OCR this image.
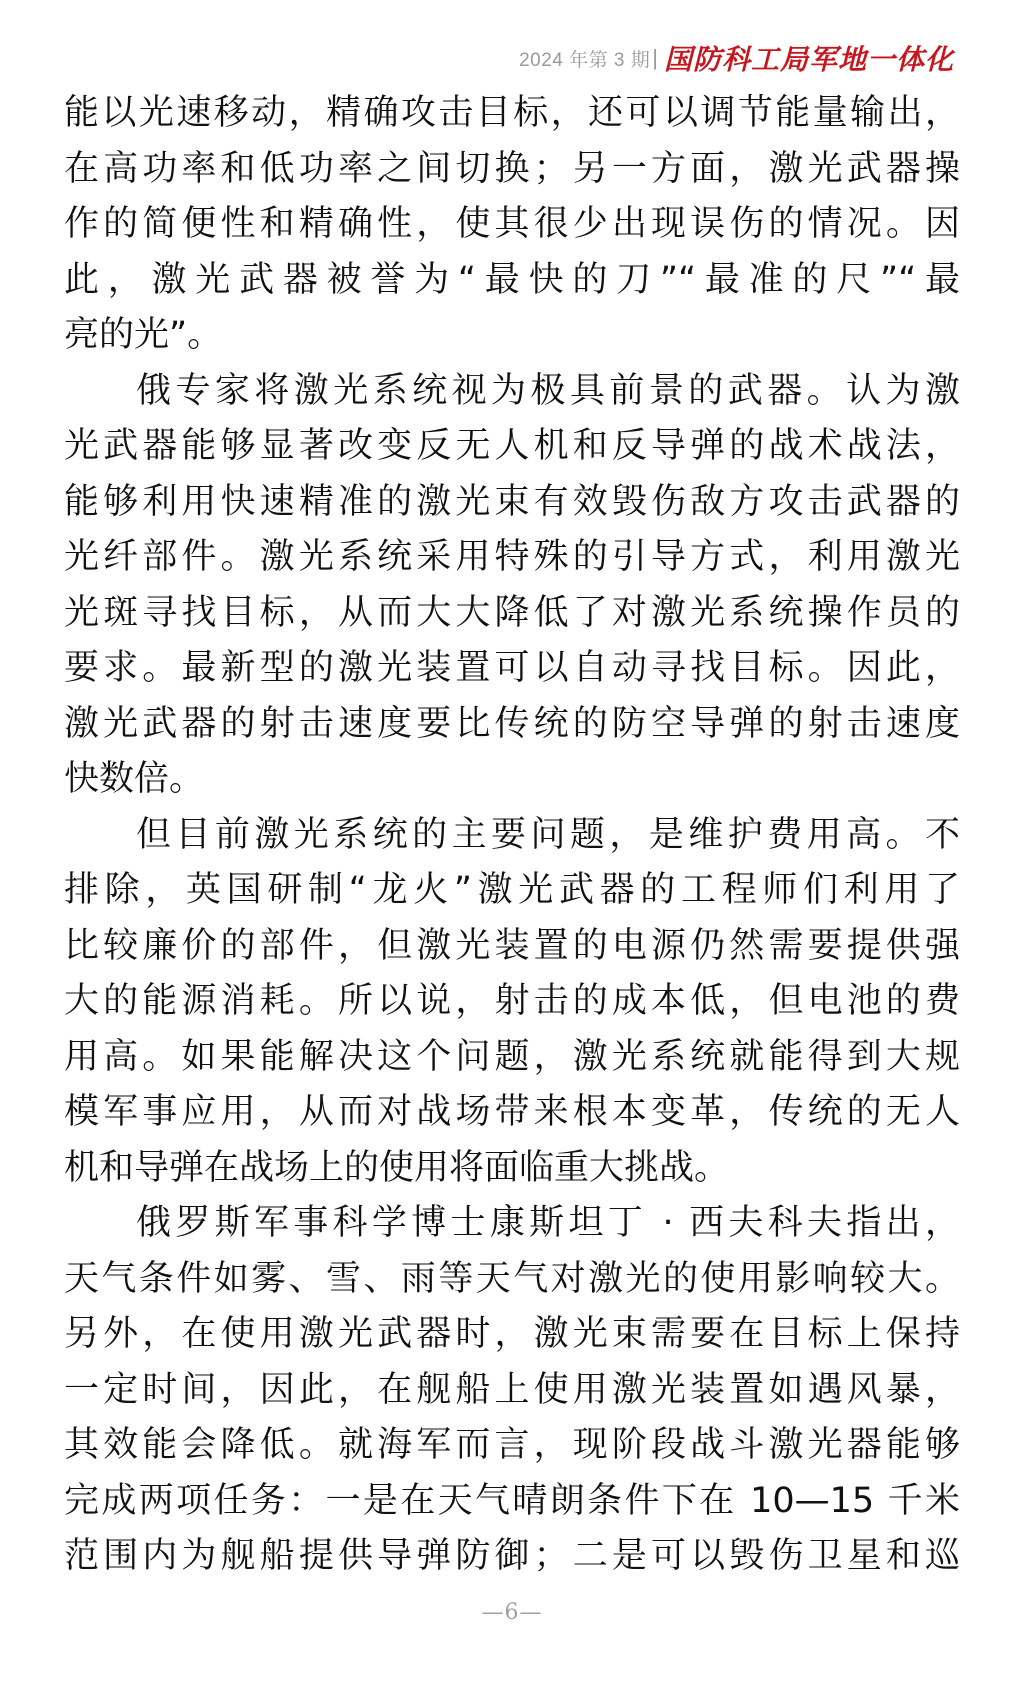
2024 年第 3 期 | 国防科工局军地一体化
能以光速移动，精确攻击目标，还可以调节能量输出，
在高功率和低功率之间切换；另一方面，激光武器操
作的简便性和精确性，使其很少出现误伤的情况。因
此，激光武器被誉为“最快的刀”“最准的尺”“最
亮的光”。
俄专家将激光系统视为极具前景的武器。认为激
光武器能够显著改变反无人机和反导弹的战术战法，
能够利用快速精准的激光束有效毁伤敌方攻击武器的
光纤部件。激光系统采用特殊的引导方式，利用激光
光斑寻找目标，从而大大降低了对激光系统操作员的
要求。最新型的激光装置可以自动寻找目标。因此，
激光武器的射击速度要比传统的防空导弹的射击速度
快数倍。
但目前激光系统的主要问题，是维护费用高。不
排除，英国研制“龙火”激光武器的工程师们利用了
比较廉价的部件，但激光装置的电源仍然需要提供强
大的能源消耗。所以说，射击的成本低，但电池的费
用高。如果能解决这个问题，激光系统就能得到大规
模军事应用，从而对战场带来根本变革，传统的无人
机和导弹在战场上的使用将面临重大挑战。
俄罗斯军事科学博士康斯坦丁 · 西夫科夫指出，
天气条件如雾、雪、雨等天气对激光的使用影响较大。
另外，在使用激光武器时，激光束需要在目标上保持
一定时间，因此，在舰船上使用激光装置如遇风暴，
其效能会降低。就海军而言，现阶段战斗激光器能够
完成两项任务：一是在天气晴朗条件下在 10—15 千米
范围内为舰船提供导弹防御；二是可以毁伤卫星和巡
—6—
